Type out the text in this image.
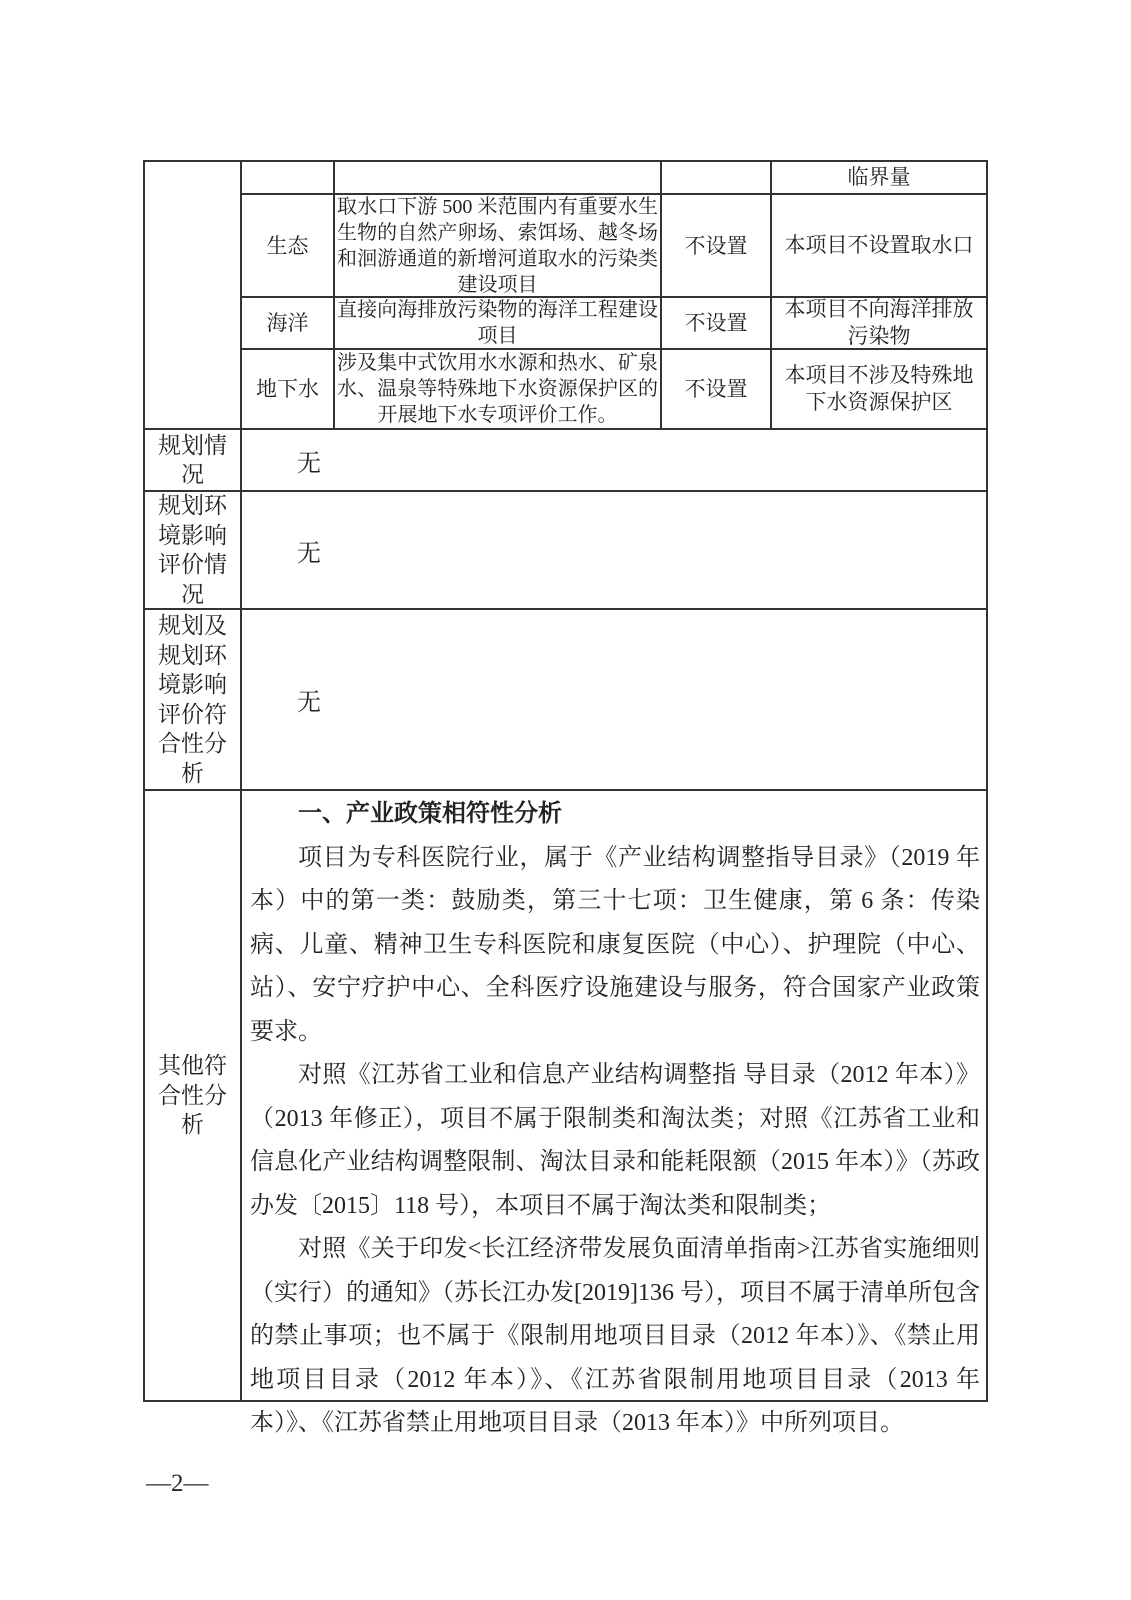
临界量
生态
取水口下游 500 米范围内有重要水生生物的自然产卵场、索饵场、越冬场和洄游通道的新增河道取水的污染类建设项目
不设置	本项目不设置取水口
海洋
直接向海排放污染物的海洋工程建设项目
不设置
本项目不向海洋排放污染物
地下水
涉及集中式饮用水水源和热水、矿泉水、温泉等特殊地下水资源保护区的开展地下水专项评价工作。
不设置
本项目不涉及特殊地下水资源保护区
规划情况	无
规划环境影响评价情况
无
规划及规划环境影响评价符合性分析
无
其他符合性分析

一、产业政策相符性分析

项目为专科医院行业，属于《产业结构调整指导目录》（2019 年本）中的第一类：鼓励类，第三十七项：卫生健康，第 6 条：传染病、儿童、精神卫生专科医院和康复医院（中心）、护理院（中心、站）、安宁疗护中心、全科医疗设施建设与服务，符合国家产业政策要求。

对照《江苏省工业和信息产业结构调整指 导目录（2012 年本）》（2013 年修正），项目不属于限制类和淘汰类；对照《江苏省工业和信息化产业结构调整限制、淘汰目录和能耗限额（2015 年本）》（苏政办发〔2015〕118 号），本项目不属于淘汰类和限制类；

对照《关于印发<长江经济带发展负面清单指南>江苏省实施细则（实行）的通知》（苏长江办发[2019]136 号），项目不属于清单所包含的禁止事项；也不属于《限制用地项目目录（2012 年本）》、《禁止用地项目目录（2012 年本）》、《江苏省限制用地项目目录（2013 年本）》、《江苏省禁止用地项目目录（2013 年本）》中所列项目。

—2—
